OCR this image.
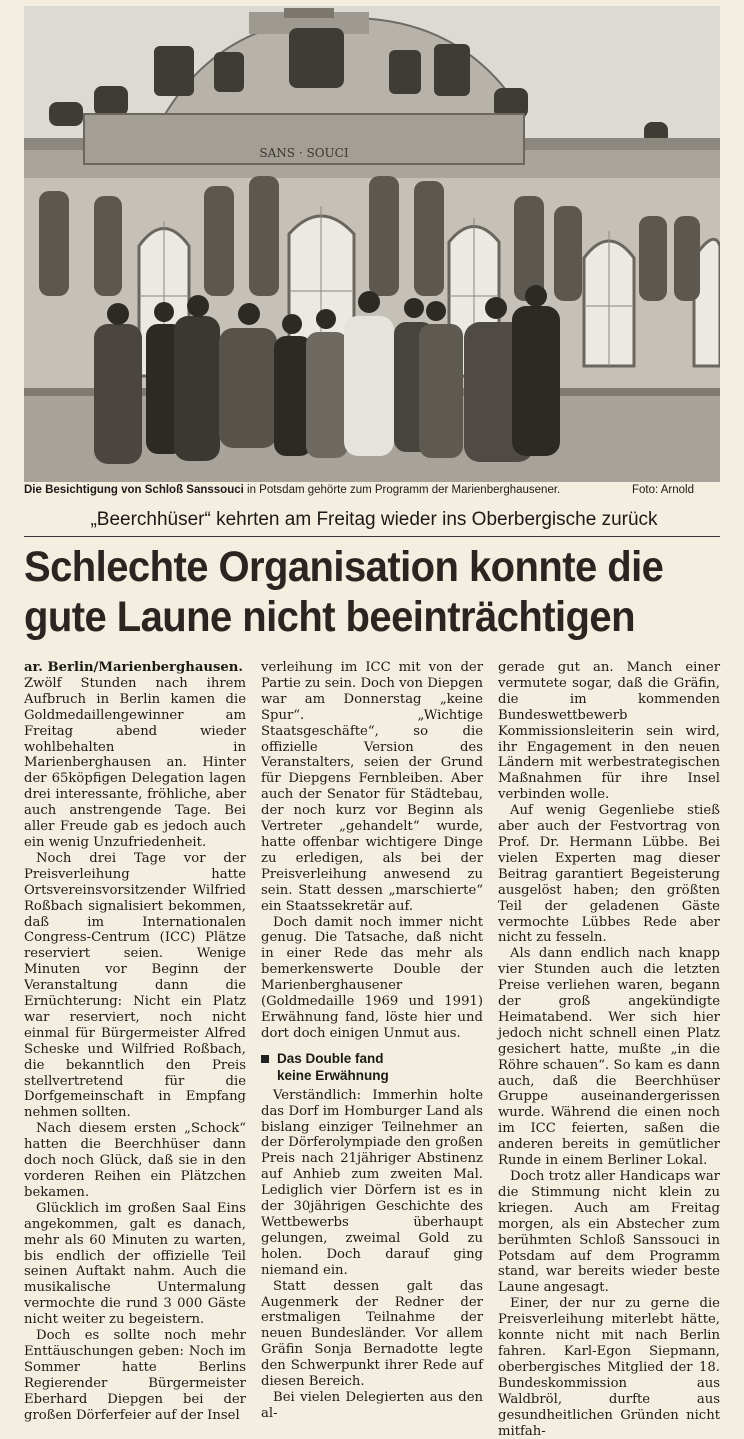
SANS · SOUCI
Die Besichtigung von Schloß Sanssouci in Potsdam gehörte zum Programm der Marienberghausener.	Foto: Arnold
„Beerchhüser“ kehrten am Freitag wieder ins Oberbergische zurück
Schlechte Organisation konnte die
gute Laune nicht beeinträchtigen

ar. Berlin/Marienberghausen.

Zwölf Stunden nach ihrem Aufbruch in Berlin kamen die Goldmedaillengewinner am Freitag abend wieder wohlbehalten in Marienberghausen an. Hinter der 65köpfigen Delegation lagen drei interessante, fröhliche, aber auch anstrengende Tage. Bei aller Freude gab es jedoch auch ein wenig Unzufriedenheit.

Noch drei Tage vor der Preisverleihung hatte Ortsvereinsvorsitzender Wilfried Roßbach signalisiert bekommen, daß im Internationalen Congress-Centrum (ICC) Plätze reserviert seien. Wenige Minuten vor Beginn der Veranstaltung dann die Ernüchterung: Nicht ein Platz war reserviert, noch nicht einmal für Bürgermeister Alfred Scheske und Wilfried Roßbach, die bekanntlich den Preis stellvertretend für die Dorfgemeinschaft in Empfang nehmen sollten.

Nach diesem ersten „Schock“ hatten die Beerchhüser dann doch noch Glück, daß sie in den vorderen Reihen ein Plätzchen bekamen.

Glücklich im großen Saal Eins angekommen, galt es danach, mehr als 60 Minuten zu warten, bis endlich der offizielle Teil seinen Auftakt nahm. Auch die musikalische Untermalung vermochte die rund 3 000 Gäste nicht weiter zu begeistern.

Doch es sollte noch mehr Enttäuschungen geben: Noch im Sommer hatte Berlins Regierender Bürgermeister Eberhard Diepgen bei der großen Dörferfeier auf der Insel

verleihung im ICC mit von der Partie zu sein. Doch von Diepgen war am Donnerstag „keine Spur“. „Wichtige Staatsgeschäfte“, so die offizielle Version des Veranstalters, seien der Grund für Diepgens Fernbleiben. Aber auch der Senator für Städtebau, der noch kurz vor Beginn als Vertreter „gehandelt“ wurde, hatte offenbar wichtigere Dinge zu erledigen, als bei der Preisverleihung anwesend zu sein. Statt dessen „marschierte“ ein Staatssekretär auf.

Doch damit noch immer nicht genug. Die Tatsache, daß nicht in einer Rede das mehr als bemerkenswerte Double der Marienberghausener (Goldmedaille 1969 und 1991) Erwähnung fand, löste hier und dort doch einigen Unmut aus.

Das Double fand
keine Erwähnung

Verständlich: Immerhin holte das Dorf im Homburger Land als bislang einziger Teilnehmer an der Dörferolympiade den großen Preis nach 21jähriger Abstinenz auf Anhieb zum zweiten Mal. Lediglich vier Dörfern ist es in der 30jährigen Geschichte des Wettbewerbs überhaupt gelungen, zweimal Gold zu holen. Doch darauf ging niemand ein.

Statt dessen galt das Augenmerk der Redner der erstmaligen Teilnahme der neuen Bundesländer. Vor allem Gräfin Sonja Bernadotte legte den Schwerpunkt ihrer Rede auf diesen Bereich.

Bei vielen Delegierten aus den al-

gerade gut an. Manch einer vermutete sogar, daß die Gräfin, die im kommenden Bundeswettbewerb Kommissionsleiterin sein wird, ihr Engagement in den neuen Ländern mit werbestrategischen Maßnahmen für ihre Insel verbinden wolle.

Auf wenig Gegenliebe stieß aber auch der Festvortrag von Prof. Dr. Hermann Lübbe. Bei vielen Experten mag dieser Beitrag garantiert Begeisterung ausgelöst haben; den größten Teil der geladenen Gäste vermochte Lübbes Rede aber nicht zu fesseln.

Als dann endlich nach knapp vier Stunden auch die letzten Preise verliehen waren, begann der groß angekündigte Heimatabend. Wer sich hier jedoch nicht schnell einen Platz gesichert hatte, mußte „in die Röhre schauen“. So kam es dann auch, daß die Beerchhüser Gruppe auseinandergerissen wurde. Während die einen noch im ICC feierten, saßen die anderen bereits in gemütlicher Runde in einem Berliner Lokal.

Doch trotz aller Handicaps war die Stimmung nicht klein zu kriegen. Auch am Freitag morgen, als ein Abstecher zum berühmten Schloß Sanssouci in Potsdam auf dem Programm stand, war bereits wieder beste Laune angesagt.

Einer, der nur zu gerne die Preisverleihung miterlebt hätte, konnte nicht mit nach Berlin fahren. Karl-Egon Siepmann, oberbergisches Mitglied der 18. Bundeskommission aus Waldbröl, durfte aus gesundheitlichen Gründen nicht mitfah-
